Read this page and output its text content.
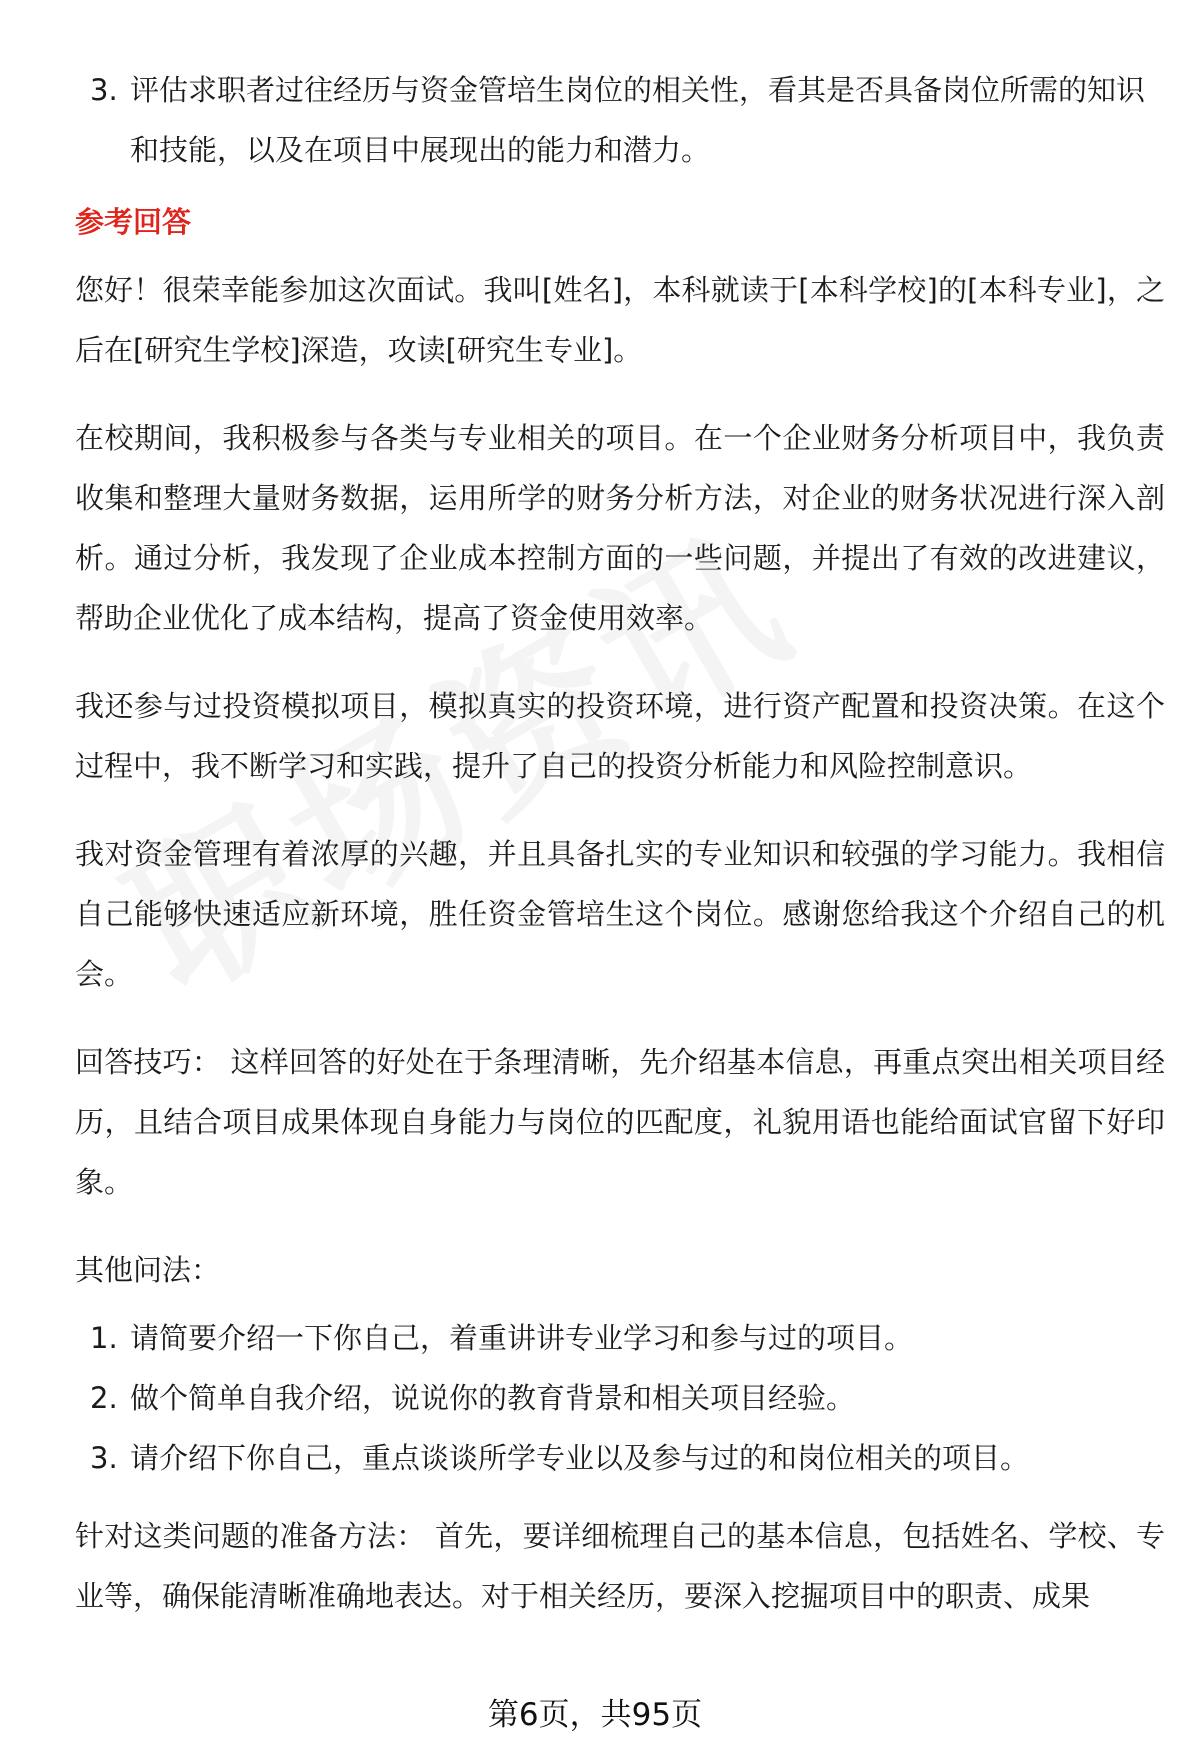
3. 评估求职者过往经历与资金管培生岗位的相关性，看其是否具备岗位所需的知识和技能，以及在项目中展现出的能力和潜力。
参考回答

您好！很荣幸能参加这次面试。我叫[姓名]，本科就读于[本科学校]的[本科专业]，之后在[研究生学校]深造，攻读[研究生专业]。

在校期间，我积极参与各类与专业相关的项目。在一个企业财务分析项目中，我负责收集和整理大量财务数据，运用所学的财务分析方法，对企业的财务状况进行深入剖析。通过分析，我发现了企业成本控制方面的一些问题，并提出了有效的改进建议，帮助企业优化了成本结构，提高了资金使用效率。

我还参与过投资模拟项目，模拟真实的投资环境，进行资产配置和投资决策。在这个过程中，我不断学习和实践，提升了自己的投资分析能力和风险控制意识。

我对资金管理有着浓厚的兴趣，并且具备扎实的专业知识和较强的学习能力。我相信自己能够快速适应新环境，胜任资金管培生这个岗位。感谢您给我这个介绍自己的机会。

回答技巧： 这样回答的好处在于条理清晰，先介绍基本信息，再重点突出相关项目经历，且结合项目成果体现自身能力与岗位的匹配度，礼貌用语也能给面试官留下好印象。

其他问法：

1. 请简要介绍一下你自己，着重讲讲专业学习和参与过的项目。
2. 做个简单自我介绍，说说你的教育背景和相关项目经验。
3. 请介绍下你自己，重点谈谈所学专业以及参与过的和岗位相关的项目。

针对这类问题的准备方法： 首先，要详细梳理自己的基本信息，包括姓名、学校、专业等，确保能清晰准确地表达。对于相关经历，要深入挖掘项目中的职责、成果

第6页，共95页
